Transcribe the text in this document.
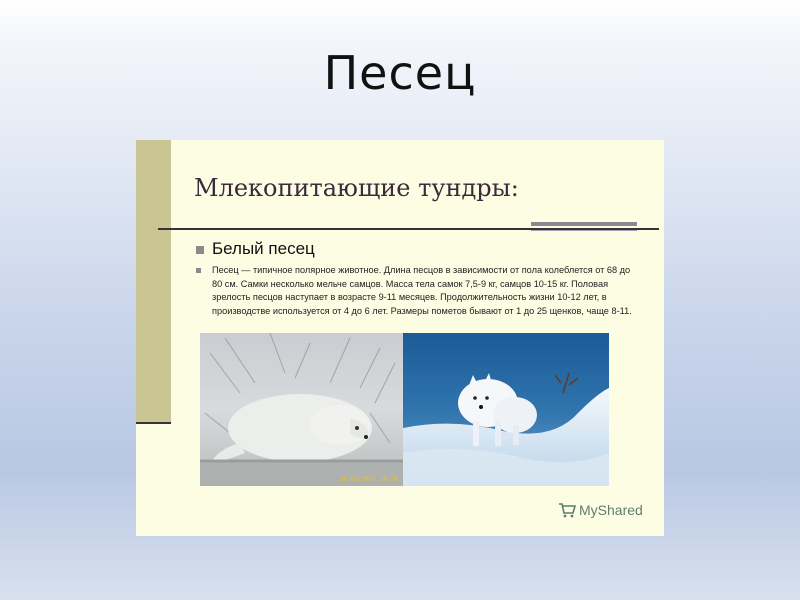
Песец
Млекопитающие тундры:
Белый песец
Песец — типичное полярное животное. Длина песцов в зависимости от пола колеблется от 68 до 80 см. Самки несколько мельче самцов. Масса тела самок 7,5-9 кг, самцов 10-15 кг. Половая зрелость песцов наступает в возрасте 9-11 месяцев. Продолжительность жизни 10-12 лет, в производстве используется от 4 до 6 лет. Размеры пометов бывают от 1 до 25 щенков, чаще 8-11.
20/03/2014 10:59
MyShared
